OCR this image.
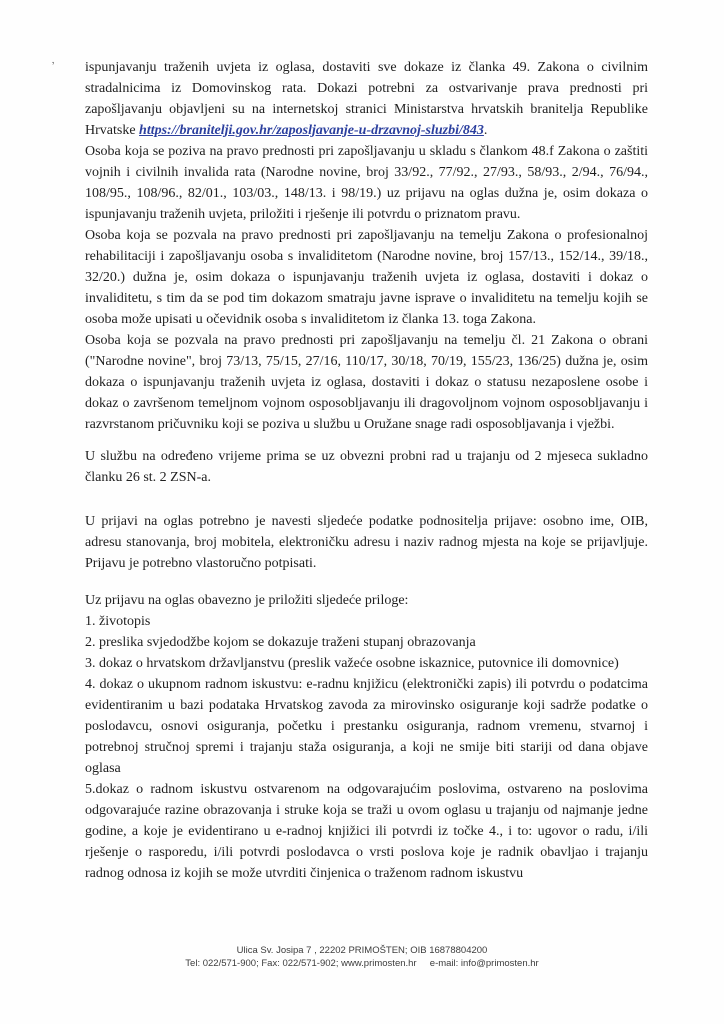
’ ispunjavanju traženih uvjeta iz oglasa, dostaviti sve dokaze iz članka 49. Zakona o civilnim stradalnicima iz Domovinskog rata. Dokazi potrebni za ostvarivanje prava prednosti pri zapošljavanju objavljeni su na internetskoj stranici Ministarstva hrvatskih branitelja Republike Hrvatske https://branitelji.gov.hr/zaposljavanje-u-drzavnoj-sluzbi/843.

Osoba koja se poziva na pravo prednosti pri zapošljavanju u skladu s člankom 48.f Zakona o zaštiti vojnih i civilnih invalida rata (Narodne novine, broj 33/92., 77/92., 27/93., 58/93., 2/94., 76/94., 108/95., 108/96., 82/01., 103/03., 148/13. i 98/19.) uz prijavu na oglas dužna je, osim dokaza o ispunjavanju traženih uvjeta, priložiti i rješenje ili potvrdu o priznatom pravu.

Osoba koja se pozvala na pravo prednosti pri zapošljavanju na temelju Zakona o profesionalnoj rehabilitaciji i zapošljavanju osoba s invaliditetom (Narodne novine, broj 157/13., 152/14., 39/18., 32/20.) dužna je, osim dokaza o ispunjavanju traženih uvjeta iz oglasa, dostaviti i dokaz o invaliditetu, s tim da se pod tim dokazom smatraju javne isprave o invaliditetu na temelju kojih se osoba može upisati u očevidnik osoba s invaliditetom iz članka 13. toga Zakona.

Osoba koja se pozvala na pravo prednosti pri zapošljavanju na temelju čl. 21 Zakona o obrani ("Narodne novine", broj 73/13, 75/15, 27/16, 110/17, 30/18, 70/19, 155/23, 136/25) dužna je, osim dokaza o ispunjavanju traženih uvjeta iz oglasa, dostaviti i dokaz o statusu nezaposlene osobe i dokaz o završenom temeljnom vojnom osposobljavanju ili dragovoljnom vojnom osposobljavanju i razvrstanom pričuvniku koji se poziva u službu u Oružane snage radi osposobljavanja i vježbi.

U službu na određeno vrijeme prima se uz obvezni probni rad u trajanju od 2 mjeseca sukladno članku 26 st. 2 ZSN-a.

U prijavi na oglas potrebno je navesti sljedeće podatke podnositelja prijave: osobno ime, OIB, adresu stanovanja, broj mobitela, elektroničku adresu i naziv radnog mjesta na koje se prijavljuje. Prijavu je potrebno vlastoručno potpisati.

Uz prijavu na oglas obavezno je priložiti sljedeće priloge:

1. životopis

2. preslika svjedodžbe kojom se dokazuje traženi stupanj obrazovanja

3. dokaz o hrvatskom državljanstvu (preslik važeće osobne iskaznice, putovnice ili domovnice)

4. dokaz o ukupnom radnom iskustvu: e-radnu knjižicu (elektronički zapis) ili potvrdu o podatcima evidentiranim u bazi podataka Hrvatskog zavoda za mirovinsko osiguranje koji sadrže podatke o poslodavcu, osnovi osiguranja, početku i prestanku osiguranja, radnom vremenu, stvarnoj i potrebnoj stručnoj spremi i trajanju staža osiguranja, a koji ne smije biti stariji od dana objave oglasa

5.dokaz o radnom iskustvu ostvarenom na odgovarajućim poslovima, ostvareno na poslovima odgovarajuće razine obrazovanja i struke koja se traži u ovom oglasu u trajanju od najmanje jedne godine, a koje je evidentirano u e-radnoj knjižici ili potvrdi iz točke 4., i to: ugovor o radu, i/ili rješenje o rasporedu, i/ili potvrdi poslodavca o vrsti poslova koje je radnik obavljao i trajanju radnog odnosa iz kojih se može utvrditi činjenica o traženom radnom iskustvu

Ulica Sv. Josipa 7 , 22202 PRIMOŠTEN; OIB 16878804200
Tel: 022/571-900; Fax: 022/571-902; www.primosten.hr     e-mail: info@primosten.hr
